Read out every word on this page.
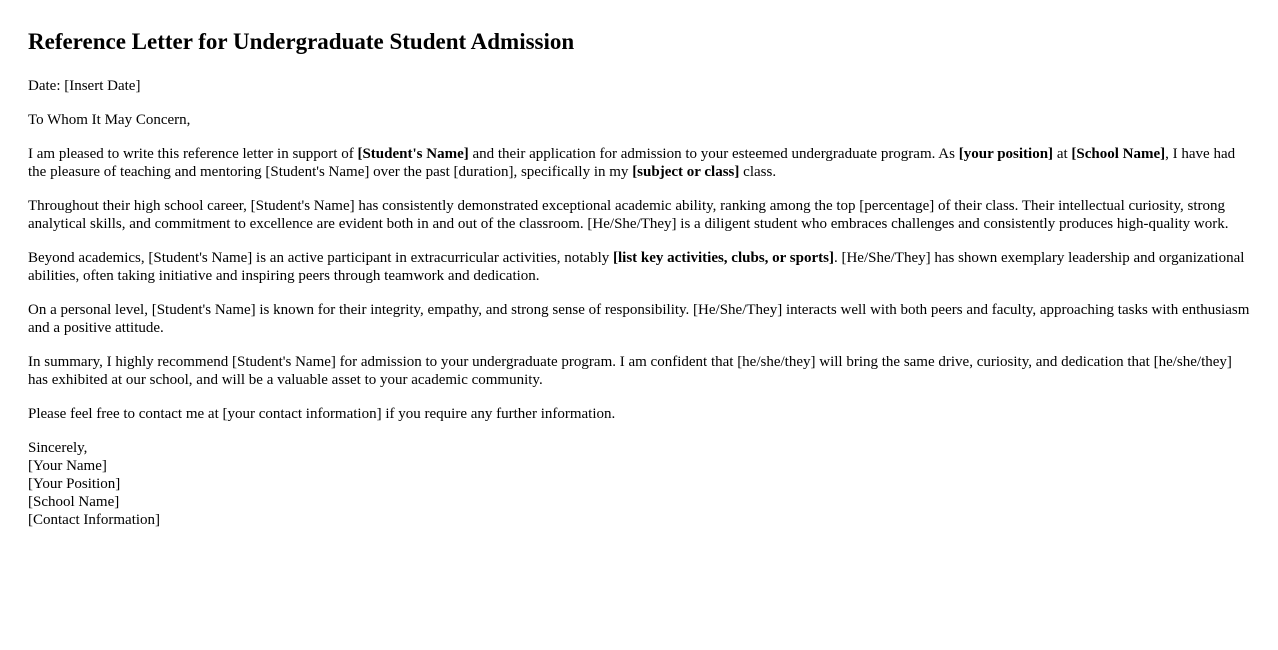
Reference Letter for Undergraduate Student Admission

Date: [Insert Date]

To Whom It May Concern,

I am pleased to write this reference letter in support of [Student's Name] and their application for admission to your esteemed undergraduate program. As [your position] at [School Name], I have had the pleasure of teaching and mentoring [Student's Name] over the past [duration], specifically in my [subject or class] class.

Throughout their high school career, [Student's Name] has consistently demonstrated exceptional academic ability, ranking among the top [percentage] of their class. Their intellectual curiosity, strong analytical skills, and commitment to excellence are evident both in and out of the classroom. [He/She/They] is a diligent student who embraces challenges and consistently produces high-quality work.

Beyond academics, [Student's Name] is an active participant in extracurricular activities, notably [list key activities, clubs, or sports]. [He/She/They] has shown exemplary leadership and organizational abilities, often taking initiative and inspiring peers through teamwork and dedication.

On a personal level, [Student's Name] is known for their integrity, empathy, and strong sense of responsibility. [He/She/They] interacts well with both peers and faculty, approaching tasks with enthusiasm and a positive attitude.

In summary, I highly recommend [Student's Name] for admission to your undergraduate program. I am confident that [he/she/they] will bring the same drive, curiosity, and dedication that [he/she/they] has exhibited at our school, and will be a valuable asset to your academic community.

Please feel free to contact me at [your contact information] if you require any further information.

Sincerely,
[Your Name]
[Your Position]
[School Name]
[Contact Information]
